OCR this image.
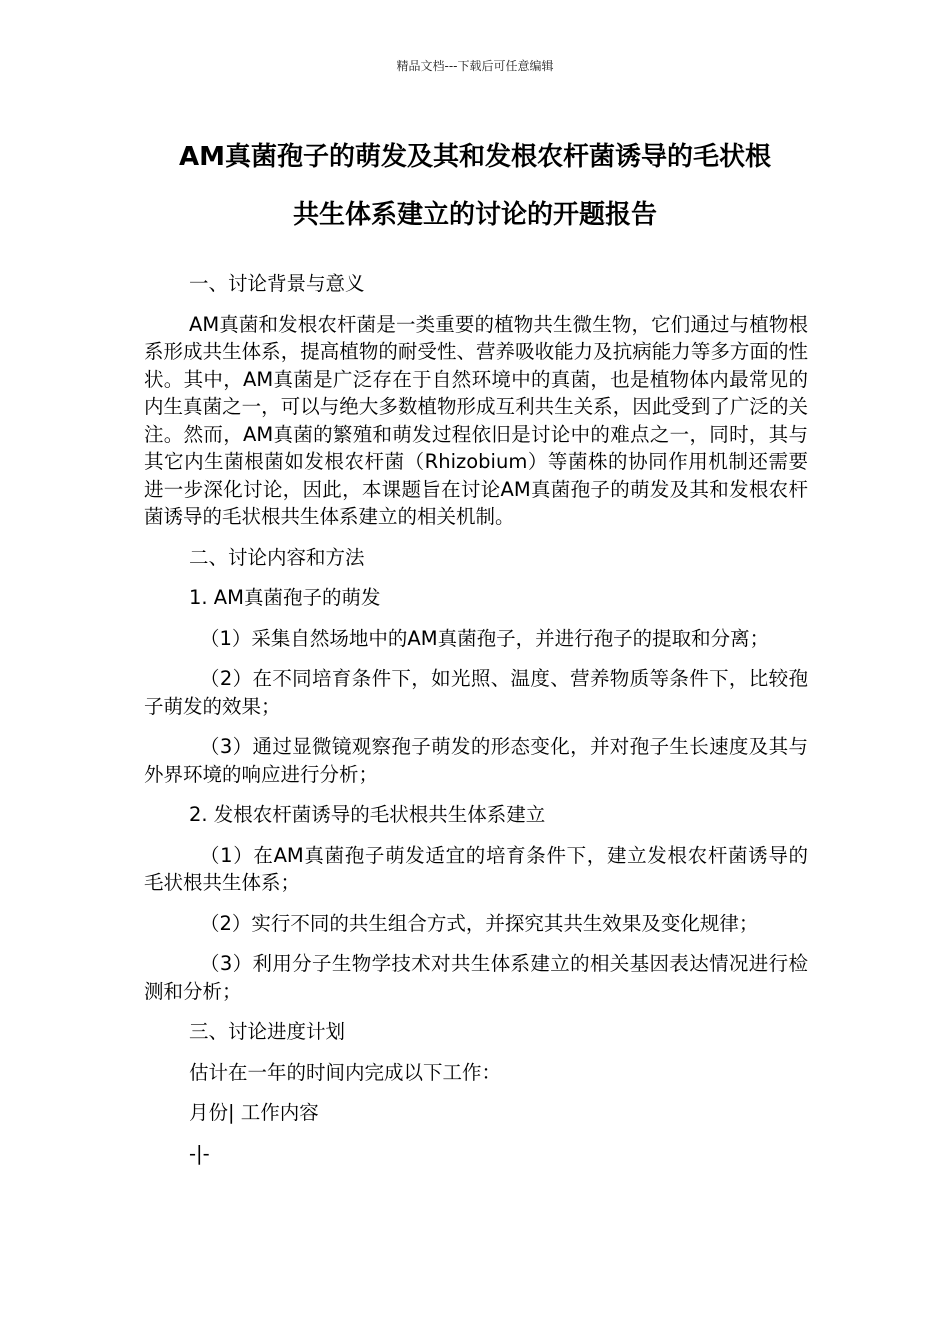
精品文档---下载后可任意编辑
AM真菌孢子的萌发及其和发根农杆菌诱导的毛状根
共生体系建立的讨论的开题报告

一、讨论背景与意义

AM真菌和发根农杆菌是一类重要的植物共生微生物，它们通过与植物根系形成共生体系，提高植物的耐受性、营养吸收能力及抗病能力等多方面的性状。其中，AM真菌是广泛存在于自然环境中的真菌，也是植物体内最常见的内生真菌之一，可以与绝大多数植物形成互利共生关系，因此受到了广泛的关注。然而，AM真菌的繁殖和萌发过程依旧是讨论中的难点之一，同时，其与其它内生菌根菌如发根农杆菌（Rhizobium）等菌株的协同作用机制还需要进一步深化讨论，因此，本课题旨在讨论AM真菌孢子的萌发及其和发根农杆菌诱导的毛状根共生体系建立的相关机制。

二、讨论内容和方法

1. AM真菌孢子的萌发

（1）采集自然场地中的AM真菌孢子，并进行孢子的提取和分离；

（2）在不同培育条件下，如光照、温度、营养物质等条件下，比较孢子萌发的效果；

（3）通过显微镜观察孢子萌发的形态变化，并对孢子生长速度及其与外界环境的响应进行分析；

2. 发根农杆菌诱导的毛状根共生体系建立

（1）在AM真菌孢子萌发适宜的培育条件下，建立发根农杆菌诱导的毛状根共生体系；

（2）实行不同的共生组合方式，并探究其共生效果及变化规律；

（3）利用分子生物学技术对共生体系建立的相关基因表达情况进行检测和分析；

三、讨论进度计划

估计在一年的时间内完成以下工作：

月份| 工作内容

-|-
